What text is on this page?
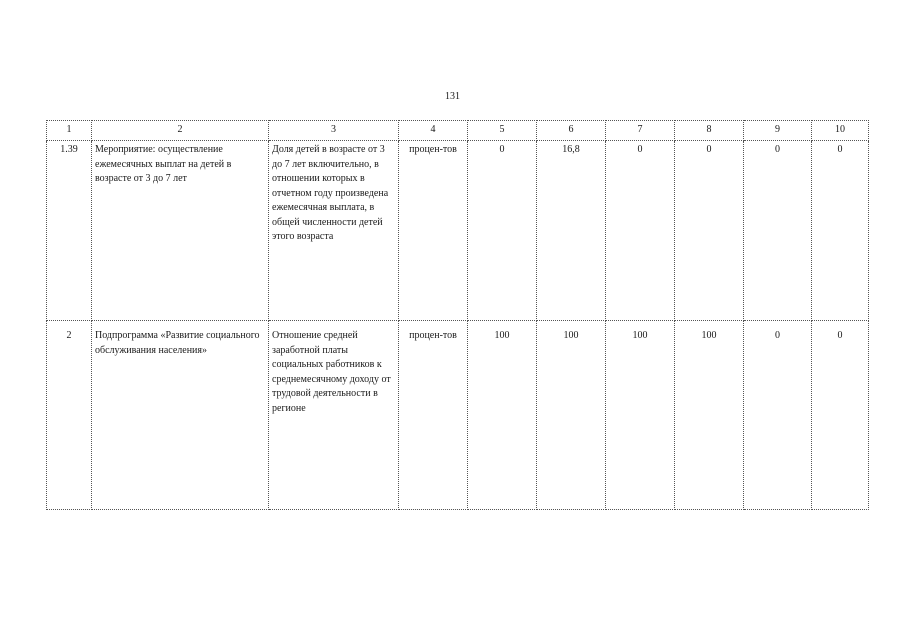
131
1	2	3	4	5	6	7	8	9	10
1.39	Мероприятие: осуществление ежемесячных выплат на детей в возрасте от 3 до 7 лет	Доля детей в возрасте от 3 до 7 лет включительно, в отношении которых в отчетном году произведена ежемесячная выплата, в общей численности детей этого возраста	процен-тов	0	16,8	0	0	0	0
2	Подпрограмма «Развитие социального обслуживания населения»	Отношение средней заработной платы социальных работников к среднемесячному доходу от трудовой деятельности в регионе	процен-тов	100	100	100	100	0	0
